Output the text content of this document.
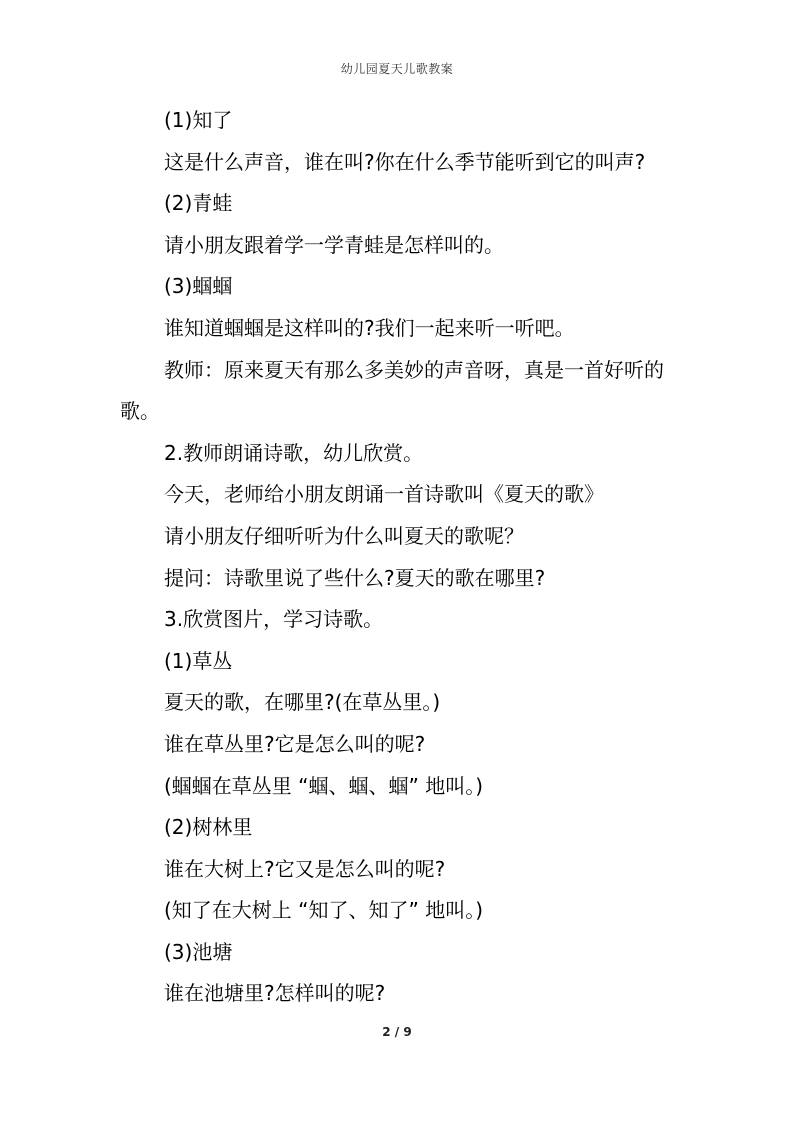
幼儿园夏天儿歌教案

(1)知了

这是什么声音，谁在叫?你在什么季节能听到它的叫声?

(2)青蛙

请小朋友跟着学一学青蛙是怎样叫的。

(3)蝈蝈

谁知道蝈蝈是这样叫的?我们一起来听一听吧。

教师：原来夏天有那么多美妙的声音呀，真是一首好听的歌。

2.教师朗诵诗歌，幼儿欣赏。

今天，老师给小朋友朗诵一首诗歌叫《夏天的歌》

请小朋友仔细听听为什么叫夏天的歌呢？

提问：诗歌里说了些什么?夏天的歌在哪里?

3.欣赏图片，学习诗歌。

(1)草丛

夏天的歌，在哪里?(在草丛里。)

谁在草丛里?它是怎么叫的呢?

(蝈蝈在草丛里 “蝈、蝈、蝈” 地叫。)

(2)树林里

谁在大树上?它又是怎么叫的呢?

(知了在大树上 “知了、知了” 地叫。)

(3)池塘

谁在池塘里?怎样叫的呢?

2 / 9
